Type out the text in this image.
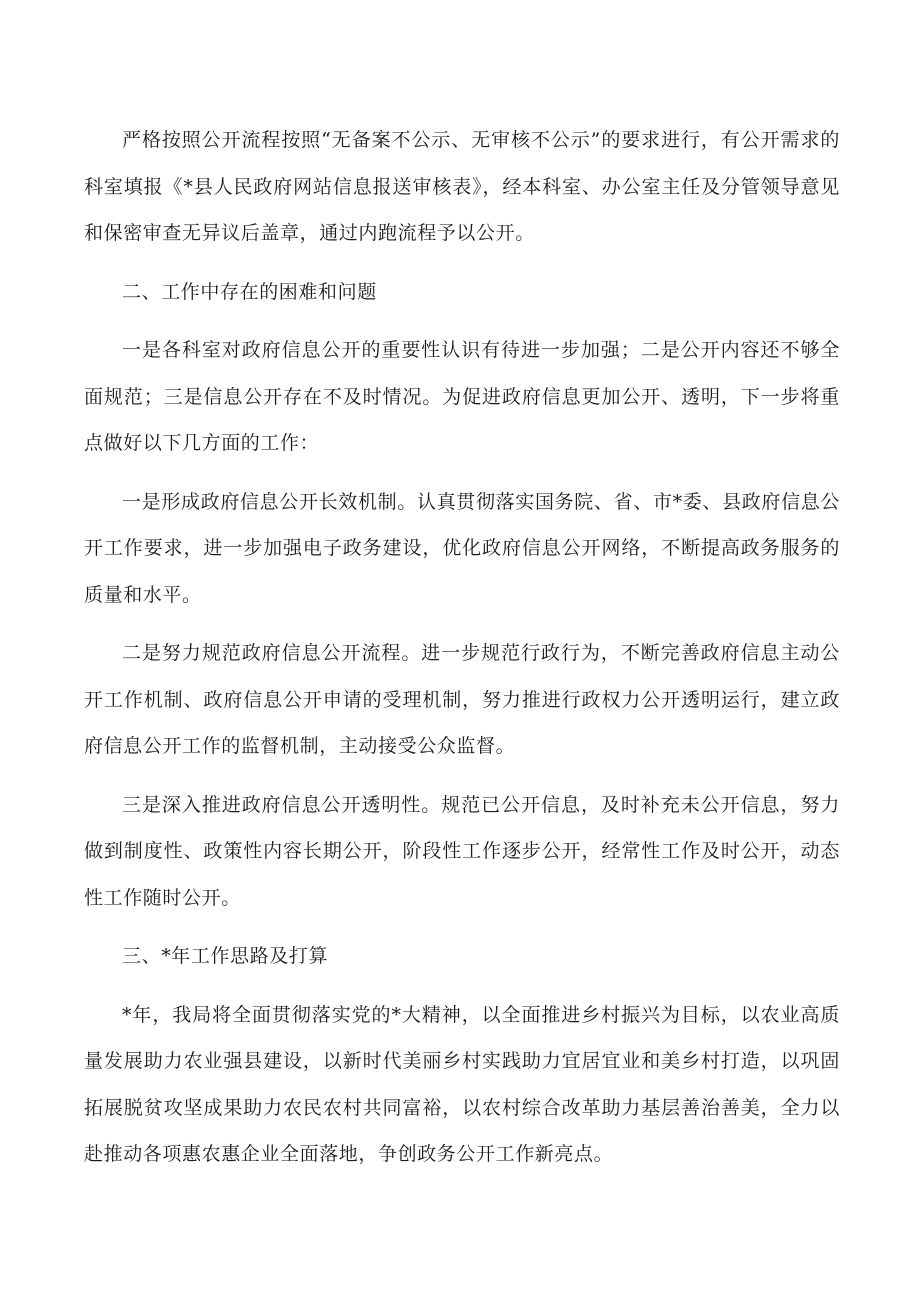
严格按照公开流程按照“无备案不公示、无审核不公示”的要求进行，有公开需求的科室填报《*县人民政府网站信息报送审核表》，经本科室、办公室主任及分管领导意见和保密审查无异议后盖章，通过内跑流程予以公开。

二、工作中存在的困难和问题

一是各科室对政府信息公开的重要性认识有待进一步加强；二是公开内容还不够全面规范；三是信息公开存在不及时情况。为促进政府信息更加公开、透明，下一步将重点做好以下几方面的工作：

一是形成政府信息公开长效机制。认真贯彻落实国务院、省、市*委、县政府信息公开工作要求，进一步加强电子政务建设，优化政府信息公开网络，不断提高政务服务的质量和水平。

二是努力规范政府信息公开流程。进一步规范行政行为，不断完善政府信息主动公开工作机制、政府信息公开申请的受理机制，努力推进行政权力公开透明运行，建立政府信息公开工作的监督机制，主动接受公众监督。

三是深入推进政府信息公开透明性。规范已公开信息，及时补充未公开信息，努力做到制度性、政策性内容长期公开，阶段性工作逐步公开，经常性工作及时公开，动态性工作随时公开。

三、*年工作思路及打算

*年，我局将全面贯彻落实党的*大精神，以全面推进乡村振兴为目标，以农业高质量发展助力农业强县建设，以新时代美丽乡村实践助力宜居宜业和美乡村打造，以巩固拓展脱贫攻坚成果助力农民农村共同富裕，以农村综合改革助力基层善治善美，全力以赴推动各项惠农惠企业全面落地，争创政务公开工作新亮点。
